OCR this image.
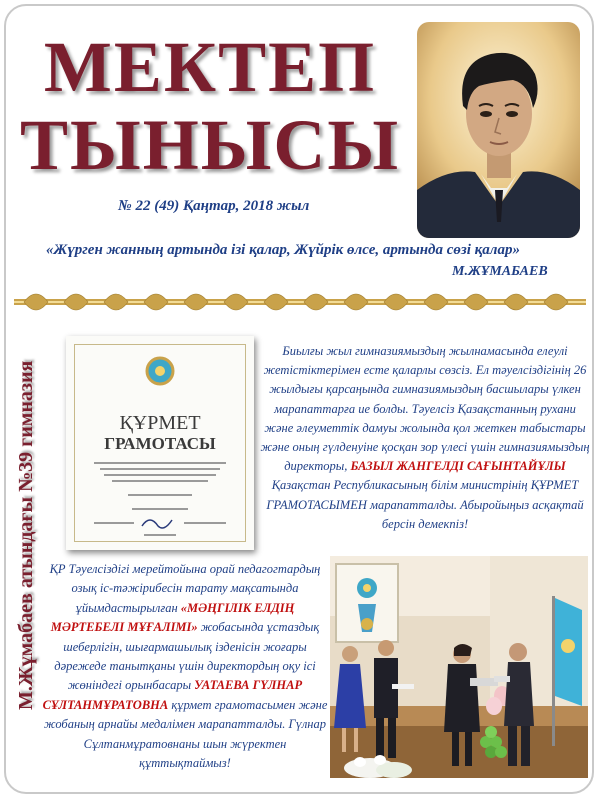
МЕКТЕП
ТЫНЫСЫ
№ 22 (49) Қаңтар, 2018 жыл
«Жүрген жанның артында ізі қалар, Жүйрік өлсе, артында сөзі қалар»
М.ЖҰМАБАЕВ
М.Жұмабаев атындағы №39 гимназия	ҚҰРМЕТ
ГРАМОТАСЫ
Биылғы жыл гимназиямыздың жылнамасында елеулі жетістіктерімен есте қаларлы сөзсіз. Ел тәуелсіздігінің 26 жылдығы қарсаңында гимназиямыздың басшылары үлкен марапаттарға ие болды. Тәуелсіз Қазақстанның рухани және әлеуметтік дамуы жолында қол жеткен табыстары және оның гүлденуіне қосқан зор үлесі үшін гимназиямыздың директоры, БАЗЫЛ ЖАНГЕЛДІ САҒЫНТАЙҰЛЫ Қазақстан Республикасының білім министрінің ҚҰРМЕТ ГРАМОТАСЫМЕН марапатталды. Абыройыңыз асқақтай берсін демекпіз!
ҚР Тәуелсіздігі мерейтойына орай педагогтардың озық іс-тәжірибесін тарату мақсатында ұйымдастырылған «МӘҢГІЛІК ЕЛДІҢ МӘРТЕБЕЛІ МҰҒАЛІМІ» жобасында ұстаздық шеберлігін, шығармашылық ізденісін жоғары дәрежеде танытқаны үшін директордың оқу ісі жөніндегі орынбасары УАТАЕВА ГҮЛНАР СҰЛТАНМҰРАТОВНА құрмет грамотасымен және жобаның арнайы медалімен марапатталды. Гүлнар Сұлтанмұратовнаны шын жүректен құттықтаймыз!
